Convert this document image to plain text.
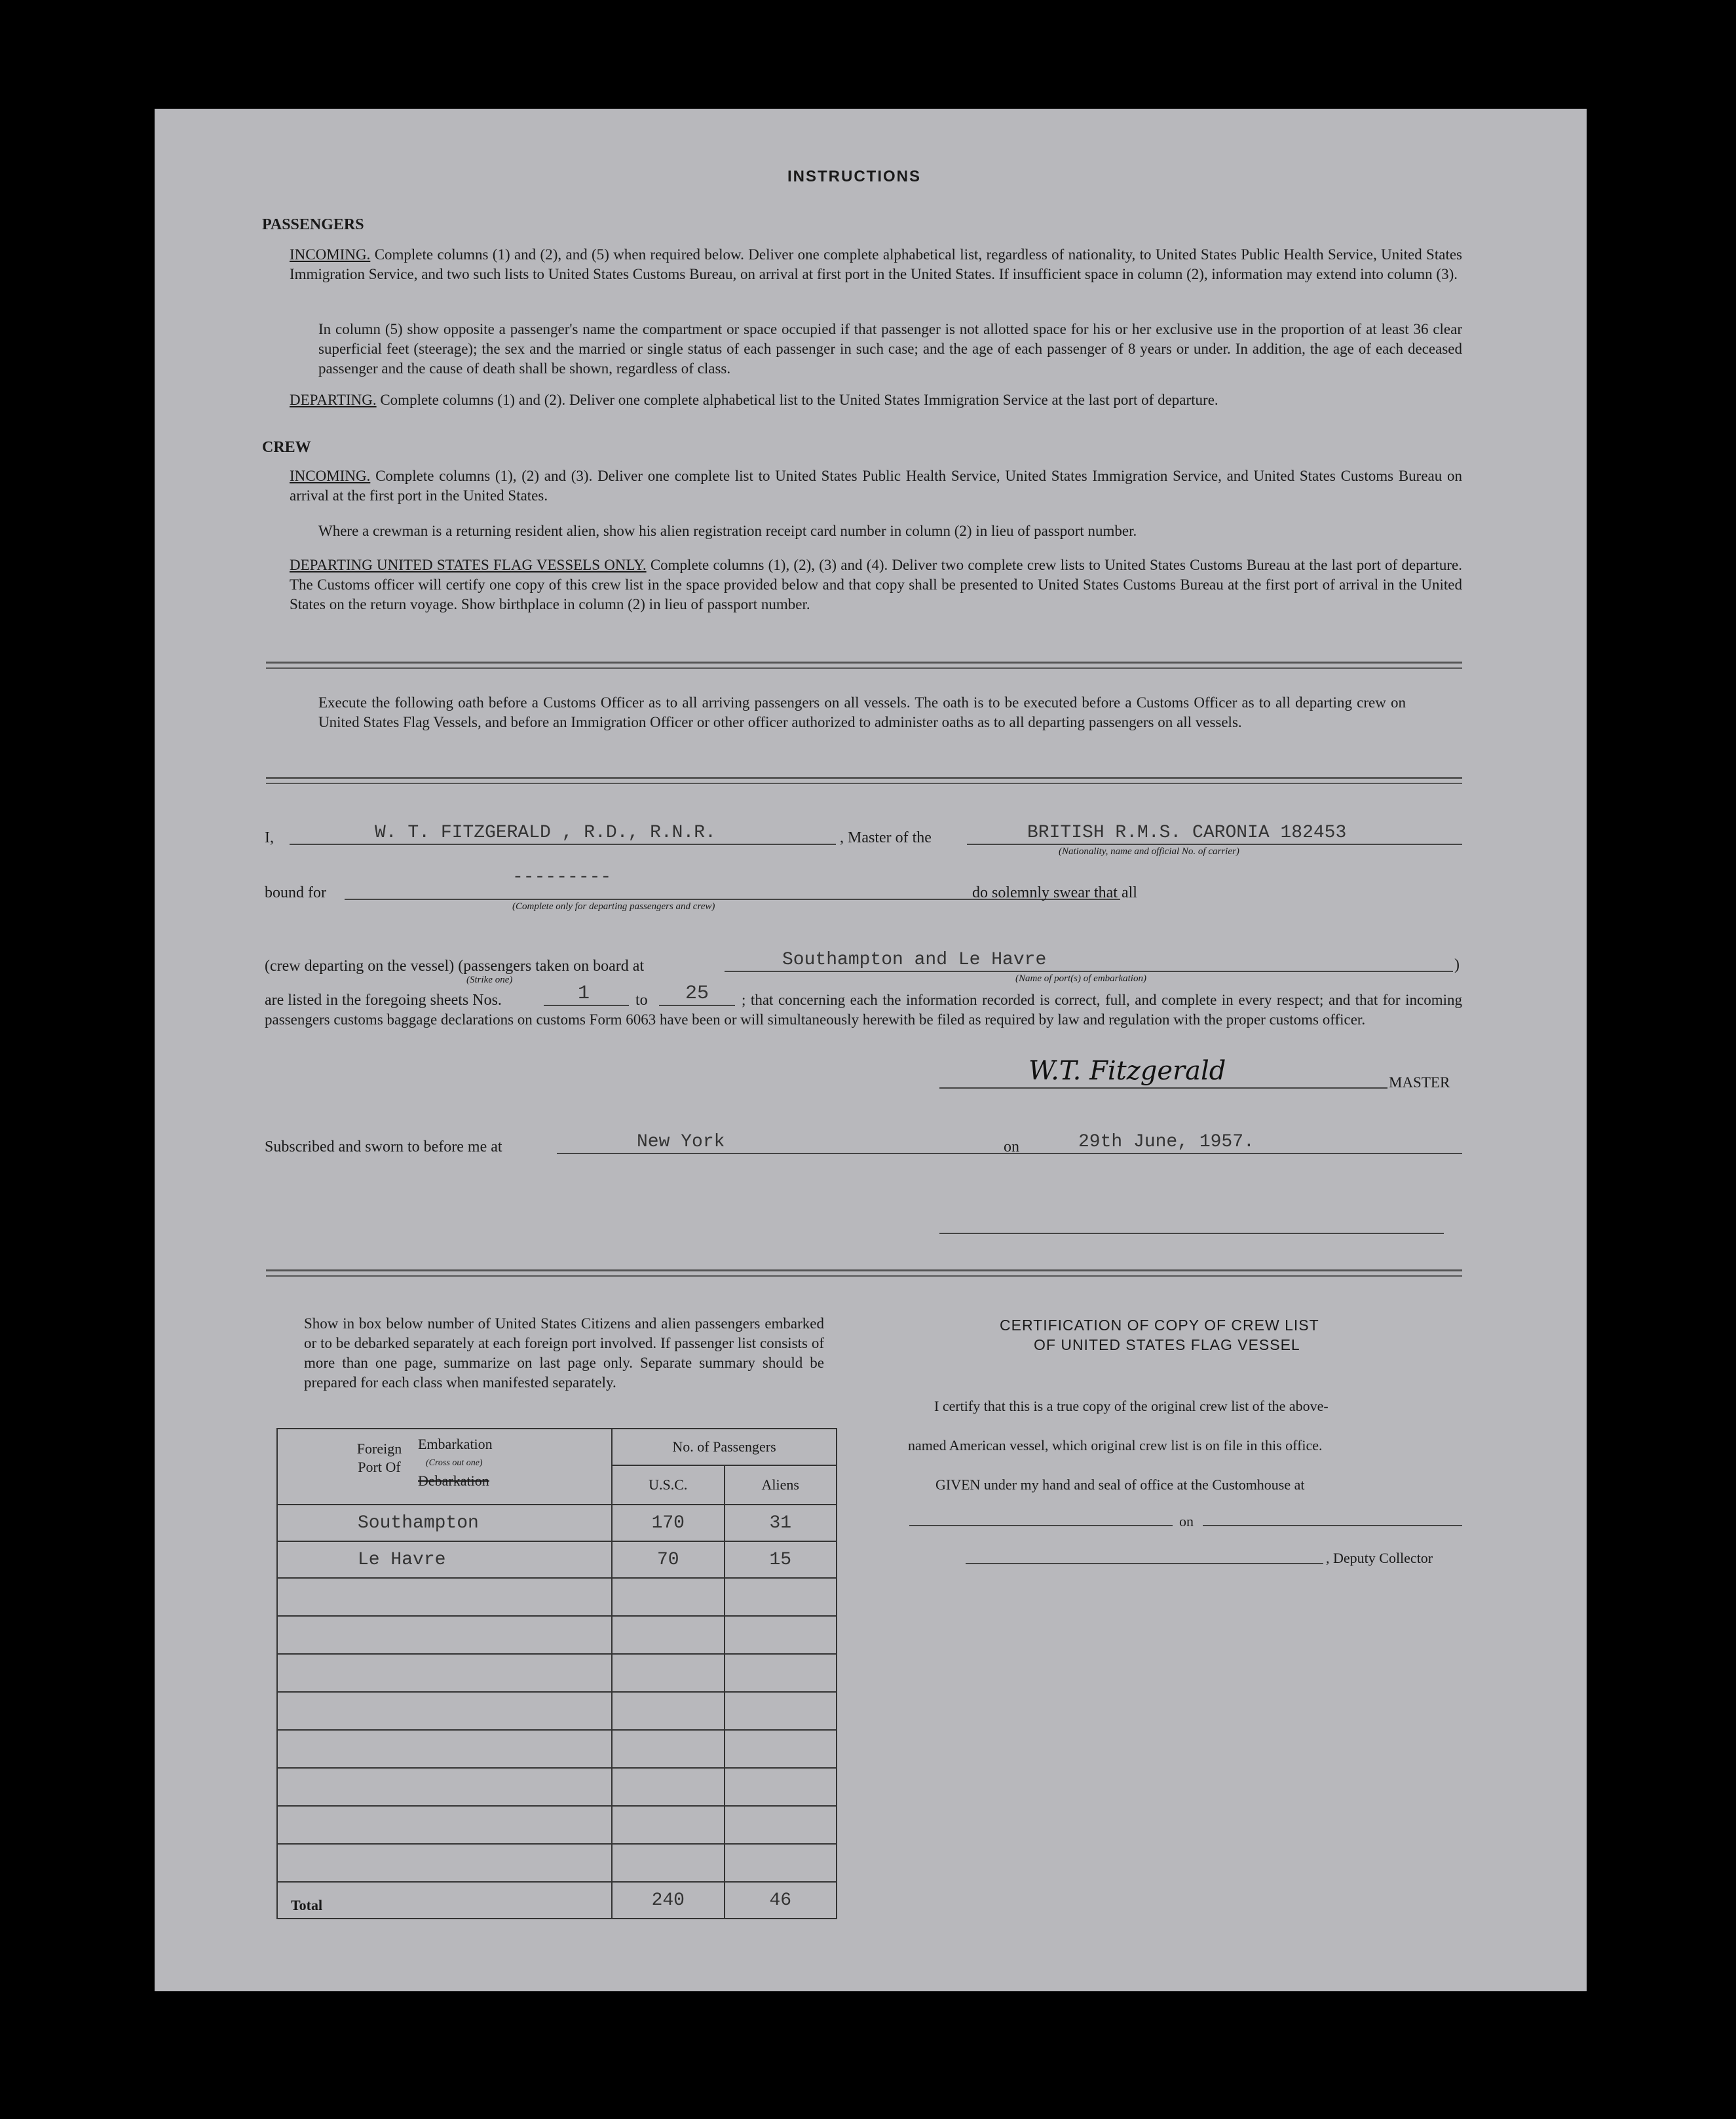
INSTRUCTIONS
PASSENGERS
INCOMING. Complete columns (1) and (2), and (5) when required below. Deliver one complete alphabetical list, regardless of nationality, to United States Public Health Service, United States Immigration Service, and two such lists to United States Customs Bureau, on arrival at first port in the United States. If insufficient space in column (2), information may extend into column (3).
In column (5) show opposite a passenger's name the compartment or space occupied if that passenger is not allotted space for his or her exclusive use in the proportion of at least 36 clear superficial feet (steerage); the sex and the married or single status of each passenger in such case; and the age of each passenger of 8 years or under. In addition, the age of each deceased passenger and the cause of death shall be shown, regardless of class.
DEPARTING. Complete columns (1) and (2). Deliver one complete alphabetical list to the United States Immigration Service at the last port of departure.
CREW
INCOMING. Complete columns (1), (2) and (3). Deliver one complete list to United States Public Health Service, United States Immigration Service, and United States Customs Bureau on arrival at the first port in the United States.
Where a crewman is a returning resident alien, show his alien registration receipt card number in column (2) in lieu of passport number.
DEPARTING UNITED STATES FLAG VESSELS ONLY. Complete columns (1), (2), (3) and (4). Deliver two complete crew lists to United States Customs Bureau at the last port of departure. The Customs officer will certify one copy of this crew list in the space provided below and that copy shall be presented to United States Customs Bureau at the first port of arrival in the United States on the return voyage. Show birthplace in column (2) in lieu of passport number.
Execute the following oath before a Customs Officer as to all arriving passengers on all vessels. The oath is to be executed before a Customs Officer as to all departing crew on United States Flag Vessels, and before an Immigration Officer or other officer authorized to administer oaths as to all departing passengers on all vessels.
I,	W. T. FITZGERALD , R.D., R.N.R.	, Master of the	BRITISH R.M.S. CARONIA 182453
(Nationality, name and official No. of carrier)
bound for
---------
(Complete only for departing passengers and crew)
do solemnly swear that all
(crew departing on the vessel) (passengers taken on board at
(Strike one)
Southampton and Le Havre
(Name of port(s) of embarkation)
)
are listed in the foregoing sheets Nos.	1	to 25	; that concerning each the information recorded is correct, full, and complete in every respect; and that for incoming passengers customs baggage declarations on customs Form 6063 have been or will simultaneously herewith be filed as required by law and regulation with the proper customs officer.
W.T. Fitzgerald	MASTER
Subscribed and sworn to before me at	New York	on	29th June, 1957.
Show in box below number of United States Citizens and alien passengers embarked or to be debarked separately at each foreign port involved. If passenger list consists of more than one page, summarize on last page only. Separate summary should be prepared for each class when manifested separately.
Foreign Port Of
Embarkation
(Cross out one)
Debarkation	No. of Passengers	
	U.S.C.	Aliens
Southampton	170	31
Le Havre	70	15

Total	240	46
CERTIFICATION OF COPY OF CREW LIST
OF UNITED STATES FLAG VESSEL
I certify that this is a true copy of the original crew list of the above-
named American vessel, which original crew list is on file in this office.
GIVEN under my hand and seal of office at the Customhouse at
on
, Deputy Collector
